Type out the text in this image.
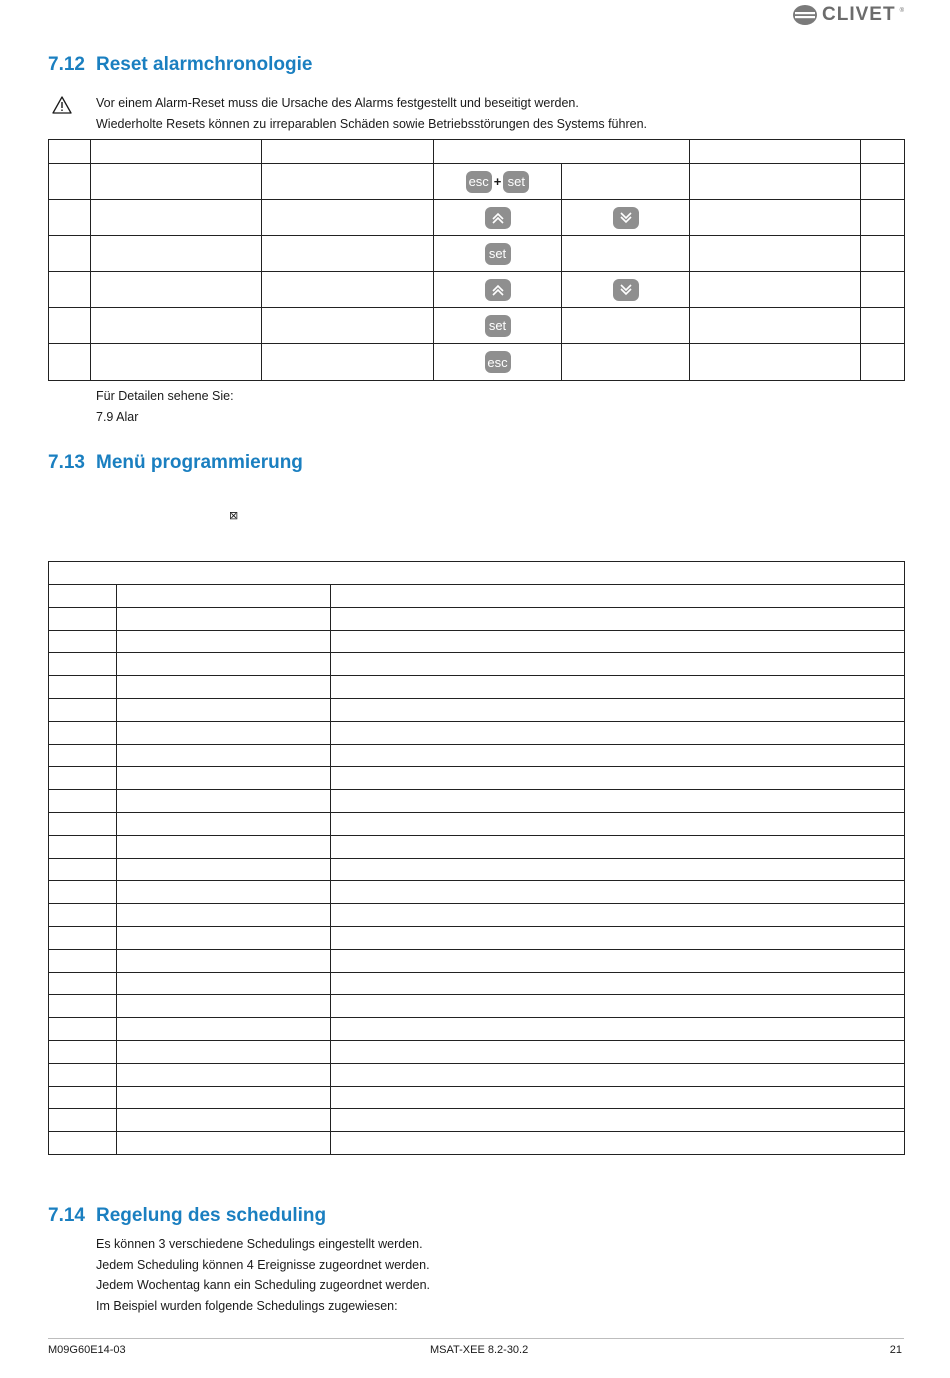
CLIVET ®
7.12 Reset alarmchronologie
Vor einem Alarm-Reset muss die Ursache des Alarms festgestellt und beseitigt werden.
Wiederholte Resets können zu irreparablen Schäden sowie Betriebsstörungen des Systems führen.

			esc + set			

			set			

			set			
			esc			
Für Detailen sehene Sie:
7.9 Alar
7.13 Menü programmierung
⊠

7.14 Regelung des scheduling
Es können 3 verschiedene Schedulings eingestellt werden.
Jedem Scheduling können 4 Ereignisse zugeordnet werden.
Jedem Wochentag kann ein Scheduling zugeordnet werden.
Im Beispiel wurden folgende Schedulings zugewiesen:
M09G60E14-03	MSAT-XEE 8.2-30.2	21
